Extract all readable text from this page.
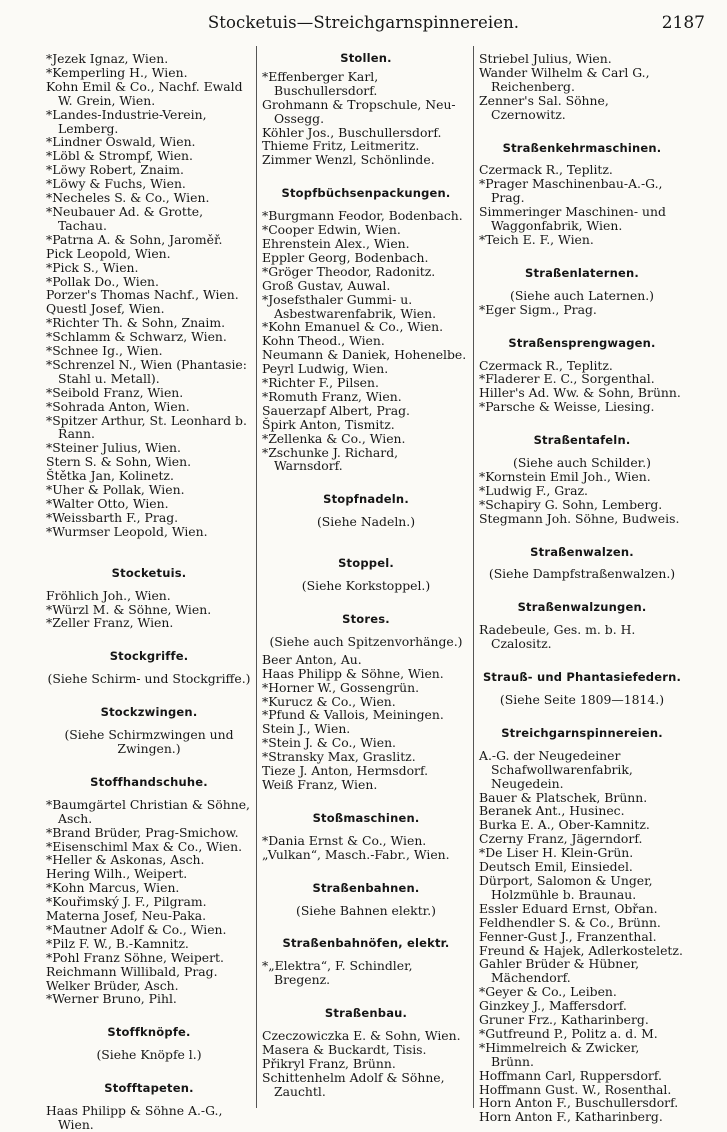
Stocketuis—Streichgarnspinnereien.	2187
*Jezek Ignaz, Wien.
*Kemperling H., Wien.
Kohn Emil & Co., Nachf. Ewald W. Grein, Wien.
*Landes-Industrie-Verein, Lemberg.
*Lindner Oswald, Wien.
*Löbl & Strompf, Wien.
*Löwy Robert, Znaim.
*Löwy & Fuchs, Wien.
*Necheles S. & Co., Wien.
*Neubauer Ad. & Grotte, Tachau.
*Patrna A. & Sohn, Jaroměř.
Pick Leopold, Wien.
*Pick S., Wien.
*Pollak Do., Wien.
Porzer's Thomas Nachf., Wien.
Questl Josef, Wien.
*Richter Th. & Sohn, Znaim.
*Schlamm & Schwarz, Wien.
*Schnee Ig., Wien.
*Schrenzel N., Wien (Phantasie: Stahl u. Metall).
*Seibold Franz, Wien.
*Sohrada Anton, Wien.
*Spitzer Arthur, St. Leonhard b. Rann.
*Steiner Julius, Wien.
Stern S. & Sohn, Wien.
Štětka Jan, Kolinetz.
*Uher & Pollak, Wien.
*Walter Otto, Wien.
*Weissbarth F., Prag.
*Wurmser Leopold, Wien.
Stocketuis.
Fröhlich Joh., Wien.
*Würzl M. & Söhne, Wien.
*Zeller Franz, Wien.
Stockgriffe.
(Siehe Schirm- und Stockgriffe.)
Stockzwingen.
(Siehe Schirmzwingen und Zwingen.)
Stoffhandschuhe.
*Baumgärtel Christian & Söhne, Asch.
*Brand Brüder, Prag-Smichow.
*Eisenschiml Max & Co., Wien.
*Heller & Askonas, Asch.
Hering Wilh., Weipert.
*Kohn Marcus, Wien.
*Kouřimský J. F., Pilgram.
Materna Josef, Neu-Paka.
*Mautner Adolf & Co., Wien.
*Pilz F. W., B.-Kamnitz.
*Pohl Franz Söhne, Weipert.
Reichmann Willibald, Prag.
Welker Brüder, Asch.
*Werner Bruno, Pihl.
Stoffknöpfe.
(Siehe Knöpfe l.)
Stofftapeten.
Haas Philipp & Söhne A.-G., Wien.
Stollen.
*Effenberger Karl, Buschullersdorf.
Grohmann & Tropschule, Neu-Ossegg.
Köhler Jos., Buschullersdorf.
Thieme Fritz, Leitmeritz.
Zimmer Wenzl, Schönlinde.
Stopfbüchsenpackungen.
*Burgmann Feodor, Bodenbach.
*Cooper Edwin, Wien.
Ehrenstein Alex., Wien.
Eppler Georg, Bodenbach.
*Gröger Theodor, Radonitz.
Groß Gustav, Auwal.
*Josefsthaler Gummi- u. Asbestwarenfabrik, Wien.
*Kohn Emanuel & Co., Wien.
Kohn Theod., Wien.
Neumann & Daniek, Hohenelbe.
Peyrl Ludwig, Wien.
*Richter F., Pilsen.
*Romuth Franz, Wien.
Sauerzapf Albert, Prag.
Špirk Anton, Tismitz.
*Zellenka & Co., Wien.
*Zschunke J. Richard, Warnsdorf.
Stopfnadeln.
(Siehe Nadeln.)
Stoppel.
(Siehe Korkstoppel.)
Stores.
(Siehe auch Spitzenvorhänge.)
Beer Anton, Au.
Haas Philipp & Söhne, Wien.
*Horner W., Gossengrün.
*Kurucz & Co., Wien.
*Pfund & Vallois, Meiningen.
Stein J., Wien.
*Stein J. & Co., Wien.
*Stransky Max, Graslitz.
Tieze J. Anton, Hermsdorf.
Weiß Franz, Wien.
Stoßmaschinen.
*Dania Ernst & Co., Wien.
„Vulkan“, Masch.-Fabr., Wien.
Straßenbahnen.
(Siehe Bahnen elektr.)
Straßenbahnöfen, elektr.
*„Elektra“, F. Schindler, Bregenz.
Straßenbau.
Czeczowiczka E. & Sohn, Wien.
Masera & Buckardt, Tisis.
Přikryl Franz, Brünn.
Schittenhelm Adolf & Söhne, Zauchtl.
Striebel Julius, Wien.
Wander Wilhelm & Carl G., Reichenberg.
Zenner's Sal. Söhne, Czernowitz.
Straßenkehrmaschinen.
Czermack R., Teplitz.
*Prager Maschinenbau-A.-G., Prag.
Simmeringer Maschinen- und Waggonfabrik, Wien.
*Teich E. F., Wien.
Straßenlaternen.
(Siehe auch Laternen.)
*Eger Sigm., Prag.
Straßensprengwagen.
Czermack R., Teplitz.
*Fladerer E. C., Sorgenthal.
Hiller's Ad. Ww. & Sohn, Brünn.
*Parsche & Weisse, Liesing.
Straßentafeln.
(Siehe auch Schilder.)
*Kornstein Emil Joh., Wien.
*Ludwig F., Graz.
*Schapiry G. Sohn, Lemberg.
Stegmann Joh. Söhne, Budweis.
Straßenwalzen.
(Siehe Dampfstraßenwalzen.)
Straßenwalzungen.
Radebeule, Ges. m. b. H. Czalositz.
Strauß- und Phantasiefedern.
(Siehe Seite 1809—1814.)
Streichgarnspinnereien.
A.-G. der Neugedeiner Schafwollwarenfabrik, Neugedein.
Bauer & Platschek, Brünn.
Beranek Ant., Husinec.
Burka E. A., Ober-Kamnitz.
Czerny Franz, Jägerndorf.
*De Liser H. Klein-Grün.
Deutsch Emil, Einsiedel.
Dürport, Salomon & Unger, Holzmühle b. Braunau.
Essler Eduard Ernst, Obřan.
Feldhendler S. & Co., Brünn.
Fenner-Gust J., Franzenthal.
Freund & Hajek, Adlerkosteletz.
Gahler Brüder & Hübner, Mächendorf.
*Geyer & Co., Leiben.
Ginzkey J., Maffersdorf.
Gruner Frz., Katharinberg.
*Gutfreund P., Politz a. d. M.
*Himmelreich & Zwicker, Brünn.
Hoffmann Carl, Ruppersdorf.
Hoffmann Gust. W., Rosenthal.
Horn Anton F., Buschullersdorf.
Horn Anton F., Katharinberg.
